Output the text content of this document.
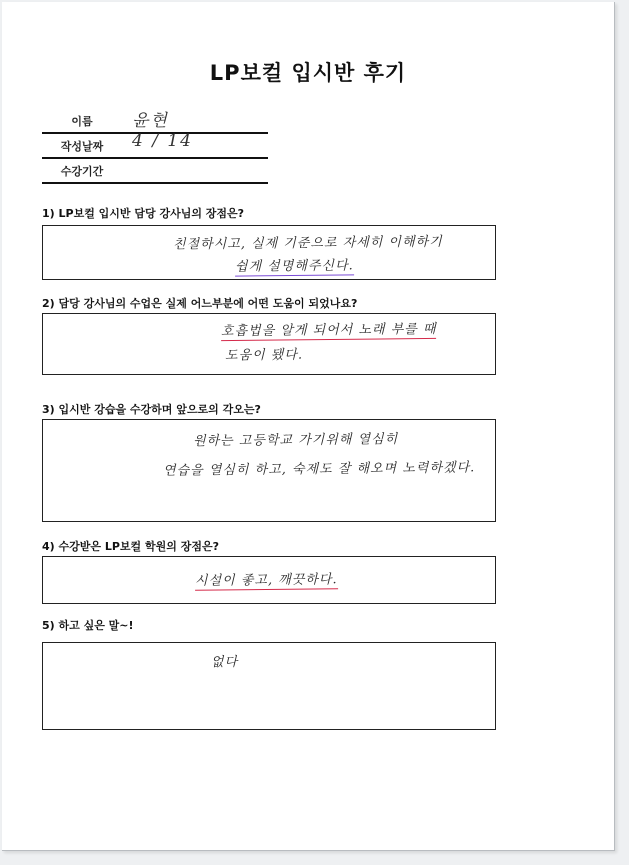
LP보컬 입시반 후기
이름	윤현
작성날짜	4 / 14
수강기간
1) LP보컬 입시반 담당 강사님의 장점은?
친절하시고, 실제 기준으로 자세히 이해하기
쉽게 설명해주신다.
2) 담당 강사님의 수업은 실제 어느부분에 어떤 도움이 되었나요?
호흡법을 알게 되어서 노래 부를 때
도움이 됐다.
3) 입시반 강습을 수강하며 앞으로의 각오는?
원하는 고등학교 가기위해 열심히
연습을 열심히 하고, 숙제도 잘 해오며 노력하겠다.
4) 수강받은 LP보컬 학원의 장점은?
시설이 좋고, 깨끗하다.
5) 하고 싶은 말~!
없다
